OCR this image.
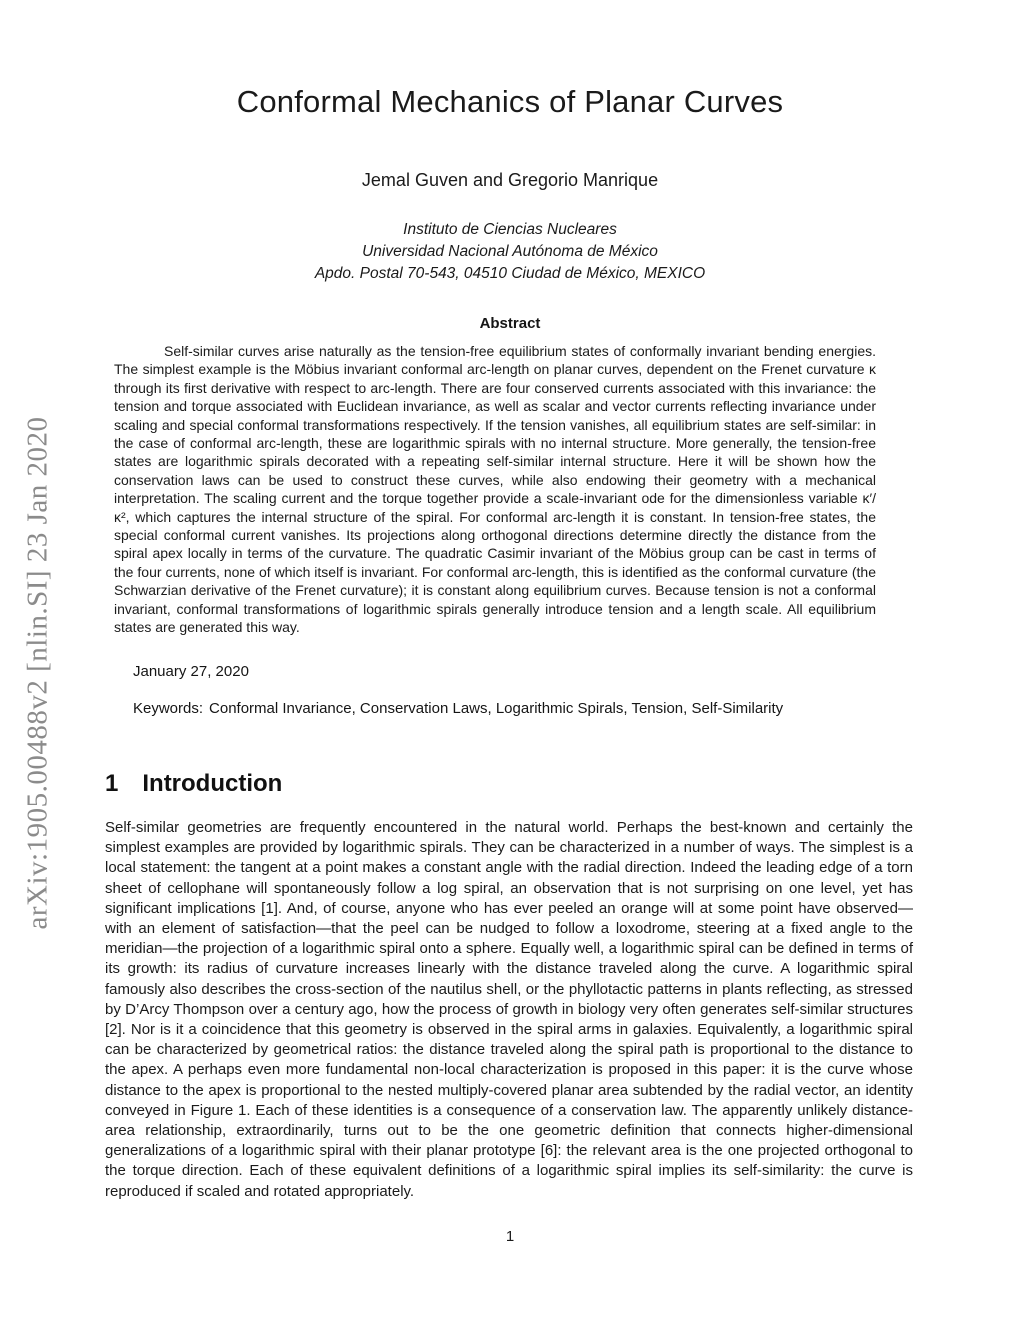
arXiv:1905.00488v2 [nlin.SI] 23 Jan 2020
Conformal Mechanics of Planar Curves
Jemal Guven and Gregorio Manrique
Instituto de Ciencias Nucleares
Universidad Nacional Autónoma de México
Apdo. Postal 70-543, 04510 Ciudad de México, MEXICO
Abstract
Self-similar curves arise naturally as the tension-free equilibrium states of conformally invariant bending energies. The simplest example is the Möbius invariant conformal arc-length on planar curves, dependent on the Frenet curvature κ through its first derivative with respect to arc-length. There are four conserved currents associated with this invariance: the tension and torque associated with Euclidean invariance, as well as scalar and vector currents reflecting invariance under scaling and special conformal transformations respectively. If the tension vanishes, all equilibrium states are self-similar: in the case of conformal arc-length, these are logarithmic spirals with no internal structure. More generally, the tension-free states are logarithmic spirals decorated with a repeating self-similar internal structure. Here it will be shown how the conservation laws can be used to construct these curves, while also endowing their geometry with a mechanical interpretation. The scaling current and the torque together provide a scale-invariant ode for the dimensionless variable κ′/κ², which captures the internal structure of the spiral. For conformal arc-length it is constant. In tension-free states, the special conformal current vanishes. Its projections along orthogonal directions determine directly the distance from the spiral apex locally in terms of the curvature. The quadratic Casimir invariant of the Möbius group can be cast in terms of the four currents, none of which itself is invariant. For conformal arc-length, this is identified as the conformal curvature (the Schwarzian derivative of the Frenet curvature); it is constant along equilibrium curves. Because tension is not a conformal invariant, conformal transformations of logarithmic spirals generally introduce tension and a length scale. All equilibrium states are generated this way.
January 27, 2020
Keywords: Conformal Invariance, Conservation Laws, Logarithmic Spirals, Tension, Self-Similarity
1 Introduction
Self-similar geometries are frequently encountered in the natural world. Perhaps the best-known and certainly the simplest examples are provided by logarithmic spirals. They can be characterized in a number of ways. The simplest is a local statement: the tangent at a point makes a constant angle with the radial direction. Indeed the leading edge of a torn sheet of cellophane will spontaneously follow a log spiral, an observation that is not surprising on one level, yet has significant implications [1]. And, of course, anyone who has ever peeled an orange will at some point have observed—with an element of satisfaction—that the peel can be nudged to follow a loxodrome, steering at a fixed angle to the meridian—the projection of a logarithmic spiral onto a sphere. Equally well, a logarithmic spiral can be defined in terms of its growth: its radius of curvature increases linearly with the distance traveled along the curve. A logarithmic spiral famously also describes the cross-section of the nautilus shell, or the phyllotactic patterns in plants reflecting, as stressed by D’Arcy Thompson over a century ago, how the process of growth in biology very often generates self-similar structures [2]. Nor is it a coincidence that this geometry is observed in the spiral arms in galaxies. Equivalently, a logarithmic spiral can be characterized by geometrical ratios: the distance traveled along the spiral path is proportional to the distance to the apex. A perhaps even more fundamental non-local characterization is proposed in this paper: it is the curve whose distance to the apex is proportional to the nested multiply-covered planar area subtended by the radial vector, an identity conveyed in Figure 1. Each of these identities is a consequence of a conservation law. The apparently unlikely distance-area relationship, extraordinarily, turns out to be the one geometric definition that connects higher-dimensional generalizations of a logarithmic spiral with their planar prototype [6]: the relevant area is the one projected orthogonal to the torque direction. Each of these equivalent definitions of a logarithmic spiral implies its self-similarity: the curve is reproduced if scaled and rotated appropriately.
1
